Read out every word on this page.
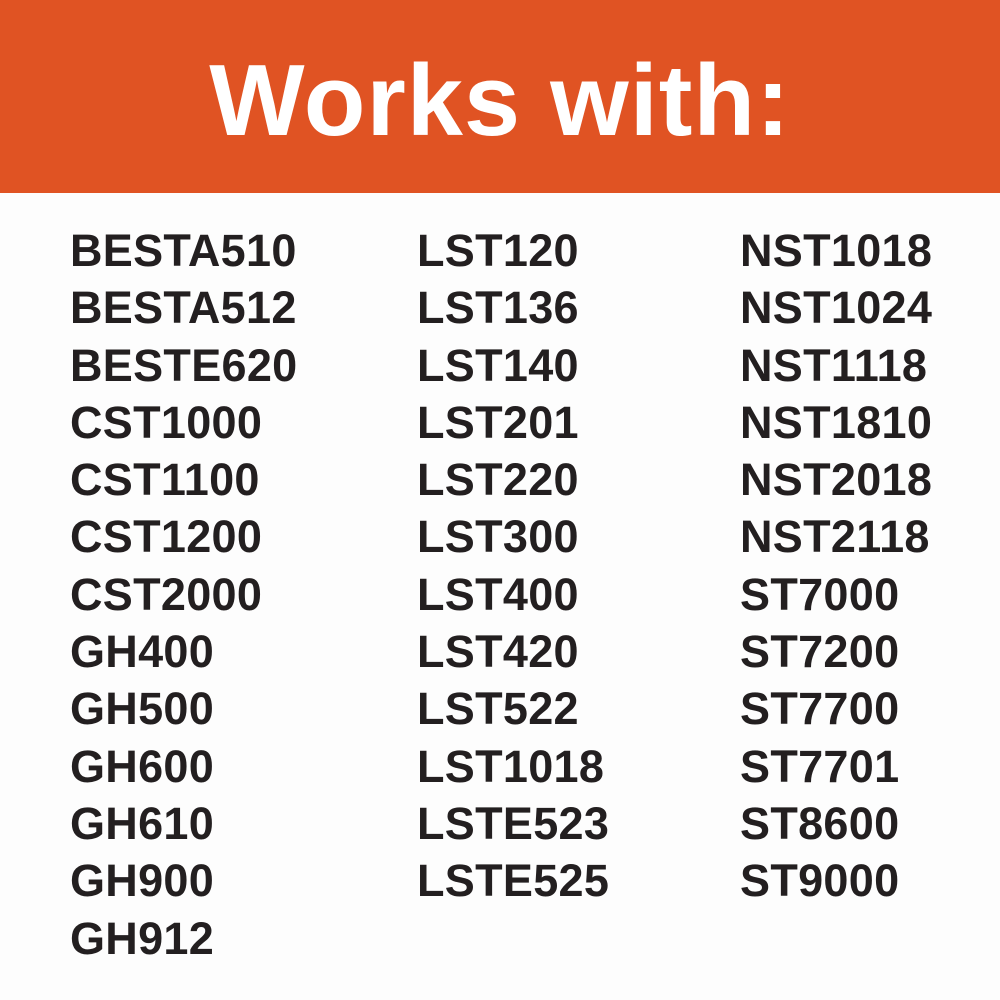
Works with:
BESTA510
BESTA512
BESTE620
CST1000
CST1100
CST1200
CST2000
GH400
GH500
GH600
GH610
GH900
GH912
LST120
LST136
LST140
LST201
LST220
LST300
LST400
LST420
LST522
LST1018
LSTE523
LSTE525
NST1018
NST1024
NST1118
NST1810
NST2018
NST2118
ST7000
ST7200
ST7700
ST7701
ST8600
ST9000
